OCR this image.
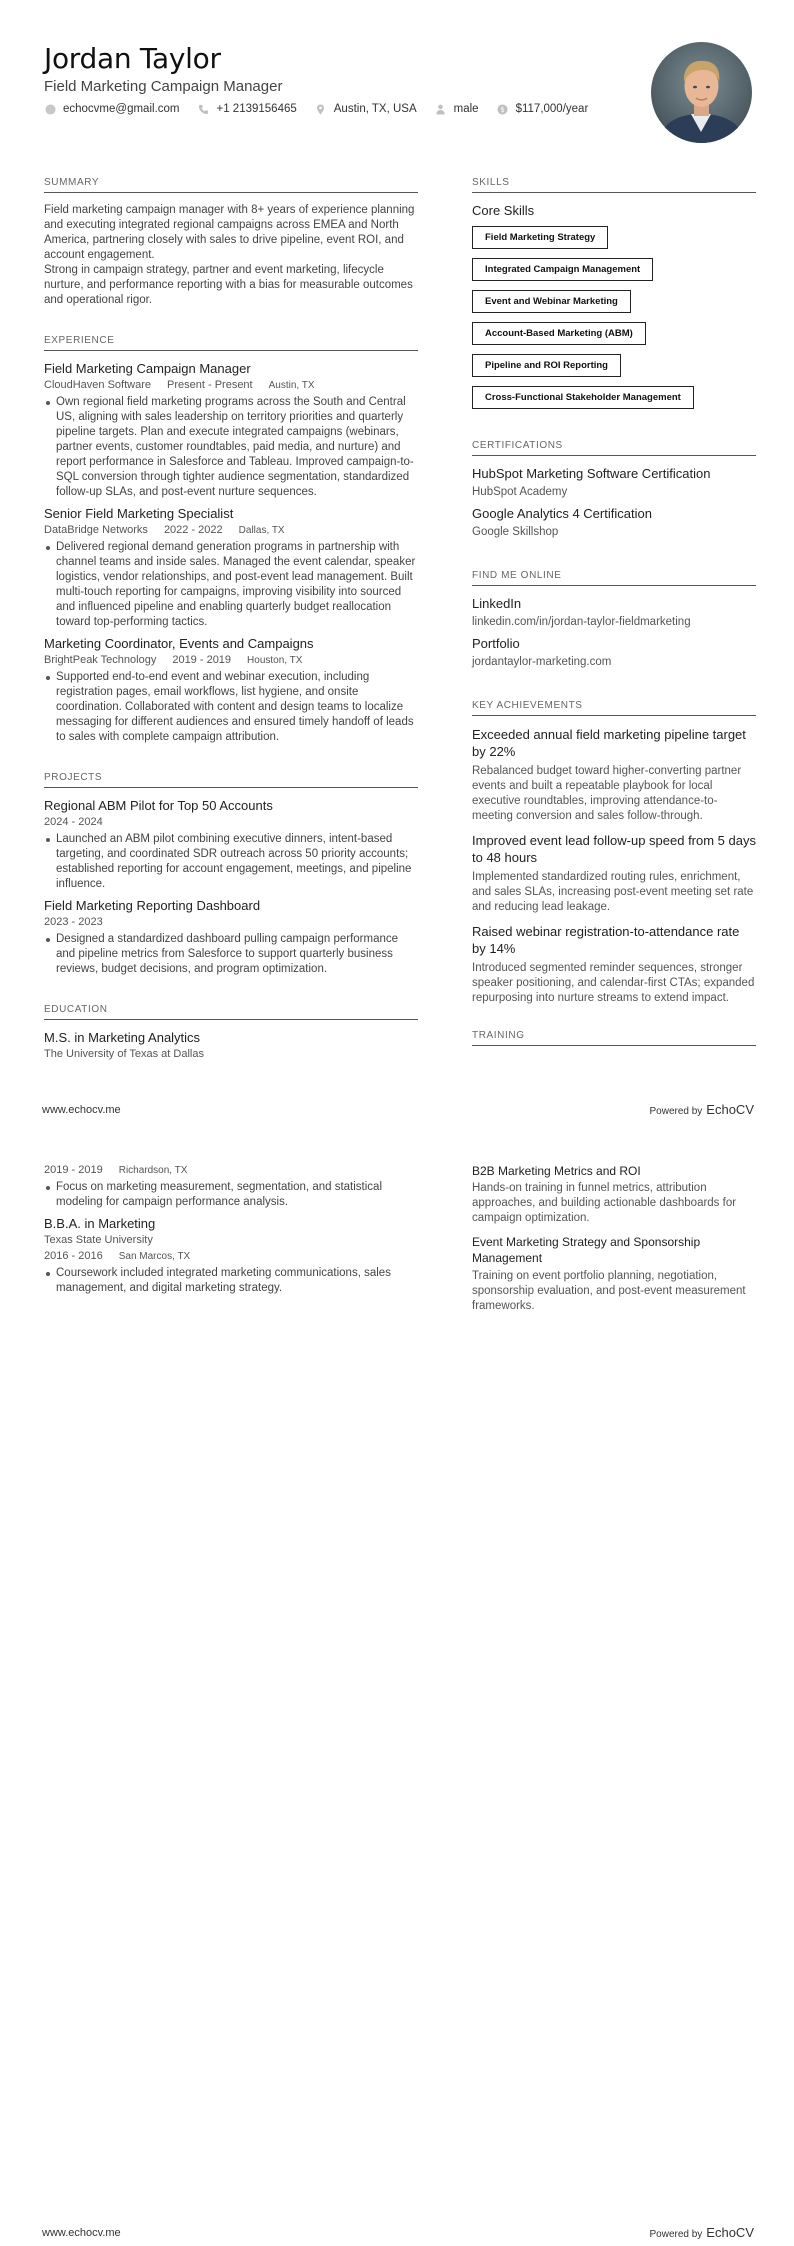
Jordan Taylor
Field Marketing Campaign Manager
echocvme@gmail.com	+1 2139156465	Austin, TX, USA	male	$ $117,000/year
SUMMARY
Field marketing campaign manager with 8+ years of experience planning and executing integrated regional campaigns across EMEA and North America, partnering closely with sales to drive pipeline, event ROI, and account engagement.
Strong in campaign strategy, partner and event marketing, lifecycle nurture, and performance reporting with a bias for measurable outcomes and operational rigor.
EXPERIENCE
Field Marketing Campaign Manager
CloudHaven Software Present - Present Austin, TX
Own regional field marketing programs across the South and Central US, aligning with sales leadership on territory priorities and quarterly pipeline targets. Plan and execute integrated campaigns (webinars, partner events, customer roundtables, paid media, and nurture) and report performance in Salesforce and Tableau. Improved campaign-to-SQL conversion through tighter audience segmentation, standardized follow-up SLAs, and post-event nurture sequences.
Senior Field Marketing Specialist
DataBridge Networks 2022 - 2022 Dallas, TX
Delivered regional demand generation programs in partnership with channel teams and inside sales. Managed the event calendar, speaker logistics, vendor relationships, and post-event lead management. Built multi-touch reporting for campaigns, improving visibility into sourced and influenced pipeline and enabling quarterly budget reallocation toward top-performing tactics.
Marketing Coordinator, Events and Campaigns
BrightPeak Technology 2019 - 2019 Houston, TX
Supported end-to-end event and webinar execution, including registration pages, email workflows, list hygiene, and onsite coordination. Collaborated with content and design teams to localize messaging for different audiences and ensured timely handoff of leads to sales with complete campaign attribution.
PROJECTS
Regional ABM Pilot for Top 50 Accounts
2024 - 2024
Launched an ABM pilot combining executive dinners, intent-based targeting, and coordinated SDR outreach across 50 priority accounts; established reporting for account engagement, meetings, and pipeline influence.
Field Marketing Reporting Dashboard
2023 - 2023
Designed a standardized dashboard pulling campaign performance and pipeline metrics from Salesforce to support quarterly business reviews, budget decisions, and program optimization.
EDUCATION
M.S. in Marketing Analytics
The University of Texas at Dallas
SKILLS
Core Skills
Field Marketing Strategy
Integrated Campaign Management
Event and Webinar Marketing
Account-Based Marketing (ABM)
Pipeline and ROI Reporting
Cross-Functional Stakeholder Management
CERTIFICATIONS
HubSpot Marketing Software Certification
HubSpot Academy
Google Analytics 4 Certification
Google Skillshop
FIND ME ONLINE
LinkedIn
linkedin.com/in/jordan-taylor-fieldmarketing
Portfolio
jordantaylor-marketing.com
KEY ACHIEVEMENTS
Exceeded annual field marketing pipeline target by 22%
Rebalanced budget toward higher-converting partner events and built a repeatable playbook for local executive roundtables, improving attendance-to-meeting conversion and sales follow-through.
Improved event lead follow-up speed from 5 days to 48 hours
Implemented standardized routing rules, enrichment, and sales SLAs, increasing post-event meeting set rate and reducing lead leakage.
Raised webinar registration-to-attendance rate by 14%
Introduced segmented reminder sequences, stronger speaker positioning, and calendar-first CTAs; expanded repurposing into nurture streams to extend impact.
TRAINING
www.echocv.me	Powered by EchoCV
2019 - 2019 Richardson, TX
Focus on marketing measurement, segmentation, and statistical modeling for campaign performance analysis.
B.B.A. in Marketing
Texas State University
2016 - 2016 San Marcos, TX
Coursework included integrated marketing communications, sales management, and digital marketing strategy.
B2B Marketing Metrics and ROI
Hands-on training in funnel metrics, attribution approaches, and building actionable dashboards for campaign optimization.
Event Marketing Strategy and Sponsorship Management
Training on event portfolio planning, negotiation, sponsorship evaluation, and post-event measurement frameworks.
www.echocv.me	Powered by EchoCV
